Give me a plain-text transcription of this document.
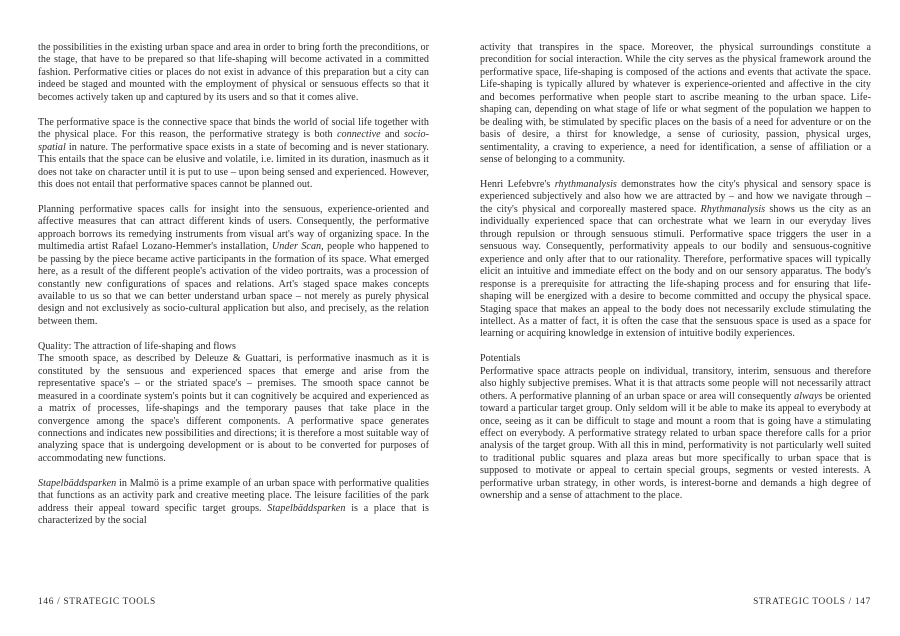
the possibilities in the existing urban space and area in order to bring forth the preconditions, or the stage, that have to be prepared so that life-shaping will become activated in a committed fashion. Performative cities or places do not exist in advance of this preparation but a city can indeed be staged and mounted with the employment of physical or sensuous effects so that it becomes actively taken up and captured by its users and so that it comes alive.

The performative space is the connective space that binds the world of social life together with the physical place. For this reason, the performative strategy is both connective and socio-spatial in nature. The performative space exists in a state of becoming and is never stationary. This entails that the space can be elusive and volatile, i.e. limited in its duration, inasmuch as it does not take on character until it is put to use – upon being sensed and experienced. However, this does not entail that performative spaces cannot be planned out.

Planning performative spaces calls for insight into the sensuous, experience-oriented and affective measures that can attract different kinds of users. Consequently, the performative approach borrows its remedying instruments from visual art's way of organizing space. In the multimedia artist Rafael Lozano-Hemmer's installation, Under Scan, people who happened to be passing by the piece became active participants in the formation of its space. What emerged here, as a result of the different people's activation of the video portraits, was a procession of constantly new configurations of spaces and relations. Art's staged space makes concepts available to us so that we can better understand urban space – not merely as purely physical design and not exclusively as socio-cultural application but also, and precisely, as the relation between them.

Quality: The attraction of life-shaping and flows

The smooth space, as described by Deleuze & Guattari, is performative inasmuch as it is constituted by the sensuous and experienced spaces that emerge and arise from the representative space's – or the striated space's – premises. The smooth space cannot be measured in a coordinate system's points but it can cognitively be acquired and experienced as a matrix of processes, life-shapings and the temporary pauses that take place in the convergence among the space's different components. A performative space generates connections and indicates new possibilities and directions; it is therefore a most suitable way of analyzing space that is undergoing development or is about to be converted for purposes of accommodating new functions.

Stapelbäddsparken in Malmö is a prime example of an urban space with performative qualities that functions as an activity park and creative meeting place. The leisure facilities of the park address their appeal toward specific target groups. Stapelbäddsparken is a place that is characterized by the social

activity that transpires in the space. Moreover, the physical surroundings constitute a precondition for social interaction. While the city serves as the physical framework around the performative space, life-shaping is composed of the actions and events that activate the space. Life-shaping is typically allured by whatever is experience-oriented and affective in the city and becomes performative when people start to ascribe meaning to the urban space. Life-shaping can, depending on what stage of life or what segment of the population we happen to be dealing with, be stimulated by specific places on the basis of a need for adventure or on the basis of desire, a thirst for knowledge, a sense of curiosity, passion, physical urges, sentimentality, a craving to experience, a need for identification, a sense of affiliation or a sense of belonging to a community.

Henri Lefebvre's rhythmanalysis demonstrates how the city's physical and sensory space is experienced subjectively and also how we are attracted by – and how we navigate through – the city's physical and corporeally mastered space. Rhythmanalysis shows us the city as an individually experienced space that can orchestrate what we learn in our everyday lives through repulsion or through sensuous stimuli. Performative space triggers the user in a sensuous way. Consequently, performativity appeals to our bodily and sensuous-cognitive experience and only after that to our rationality. Therefore, performative spaces will typically elicit an intuitive and immediate effect on the body and on our sensory apparatus. The body's response is a prerequisite for attracting the life-shaping process and for ensuring that life-shaping will be energized with a desire to become committed and occupy the physical space. Staging space that makes an appeal to the body does not necessarily exclude stimulating the intellect. As a matter of fact, it is often the case that the sensuous space is used as a space for learning or acquiring knowledge in extension of intuitive bodily experiences.

Potentials

Performative space attracts people on individual, transitory, interim, sensuous and therefore also highly subjective premises. What it is that attracts some people will not necessarily attract others. A performative planning of an urban space or area will consequently always be oriented toward a particular target group. Only seldom will it be able to make its appeal to everybody at once, seeing as it can be difficult to stage and mount a room that is going have a stimulating effect on everybody. A performative strategy related to urban space therefore calls for a prior analysis of the target group. With all this in mind, performativity is not particularly well suited to traditional public squares and plaza areas but more specifically to urban space that is supposed to motivate or appeal to certain special groups, segments or vested interests. A performative urban strategy, in other words, is interest-borne and demands a high degree of ownership and a sense of attachment to the place.

146 / STRATEGIC TOOLS	STRATEGIC TOOLS / 147
